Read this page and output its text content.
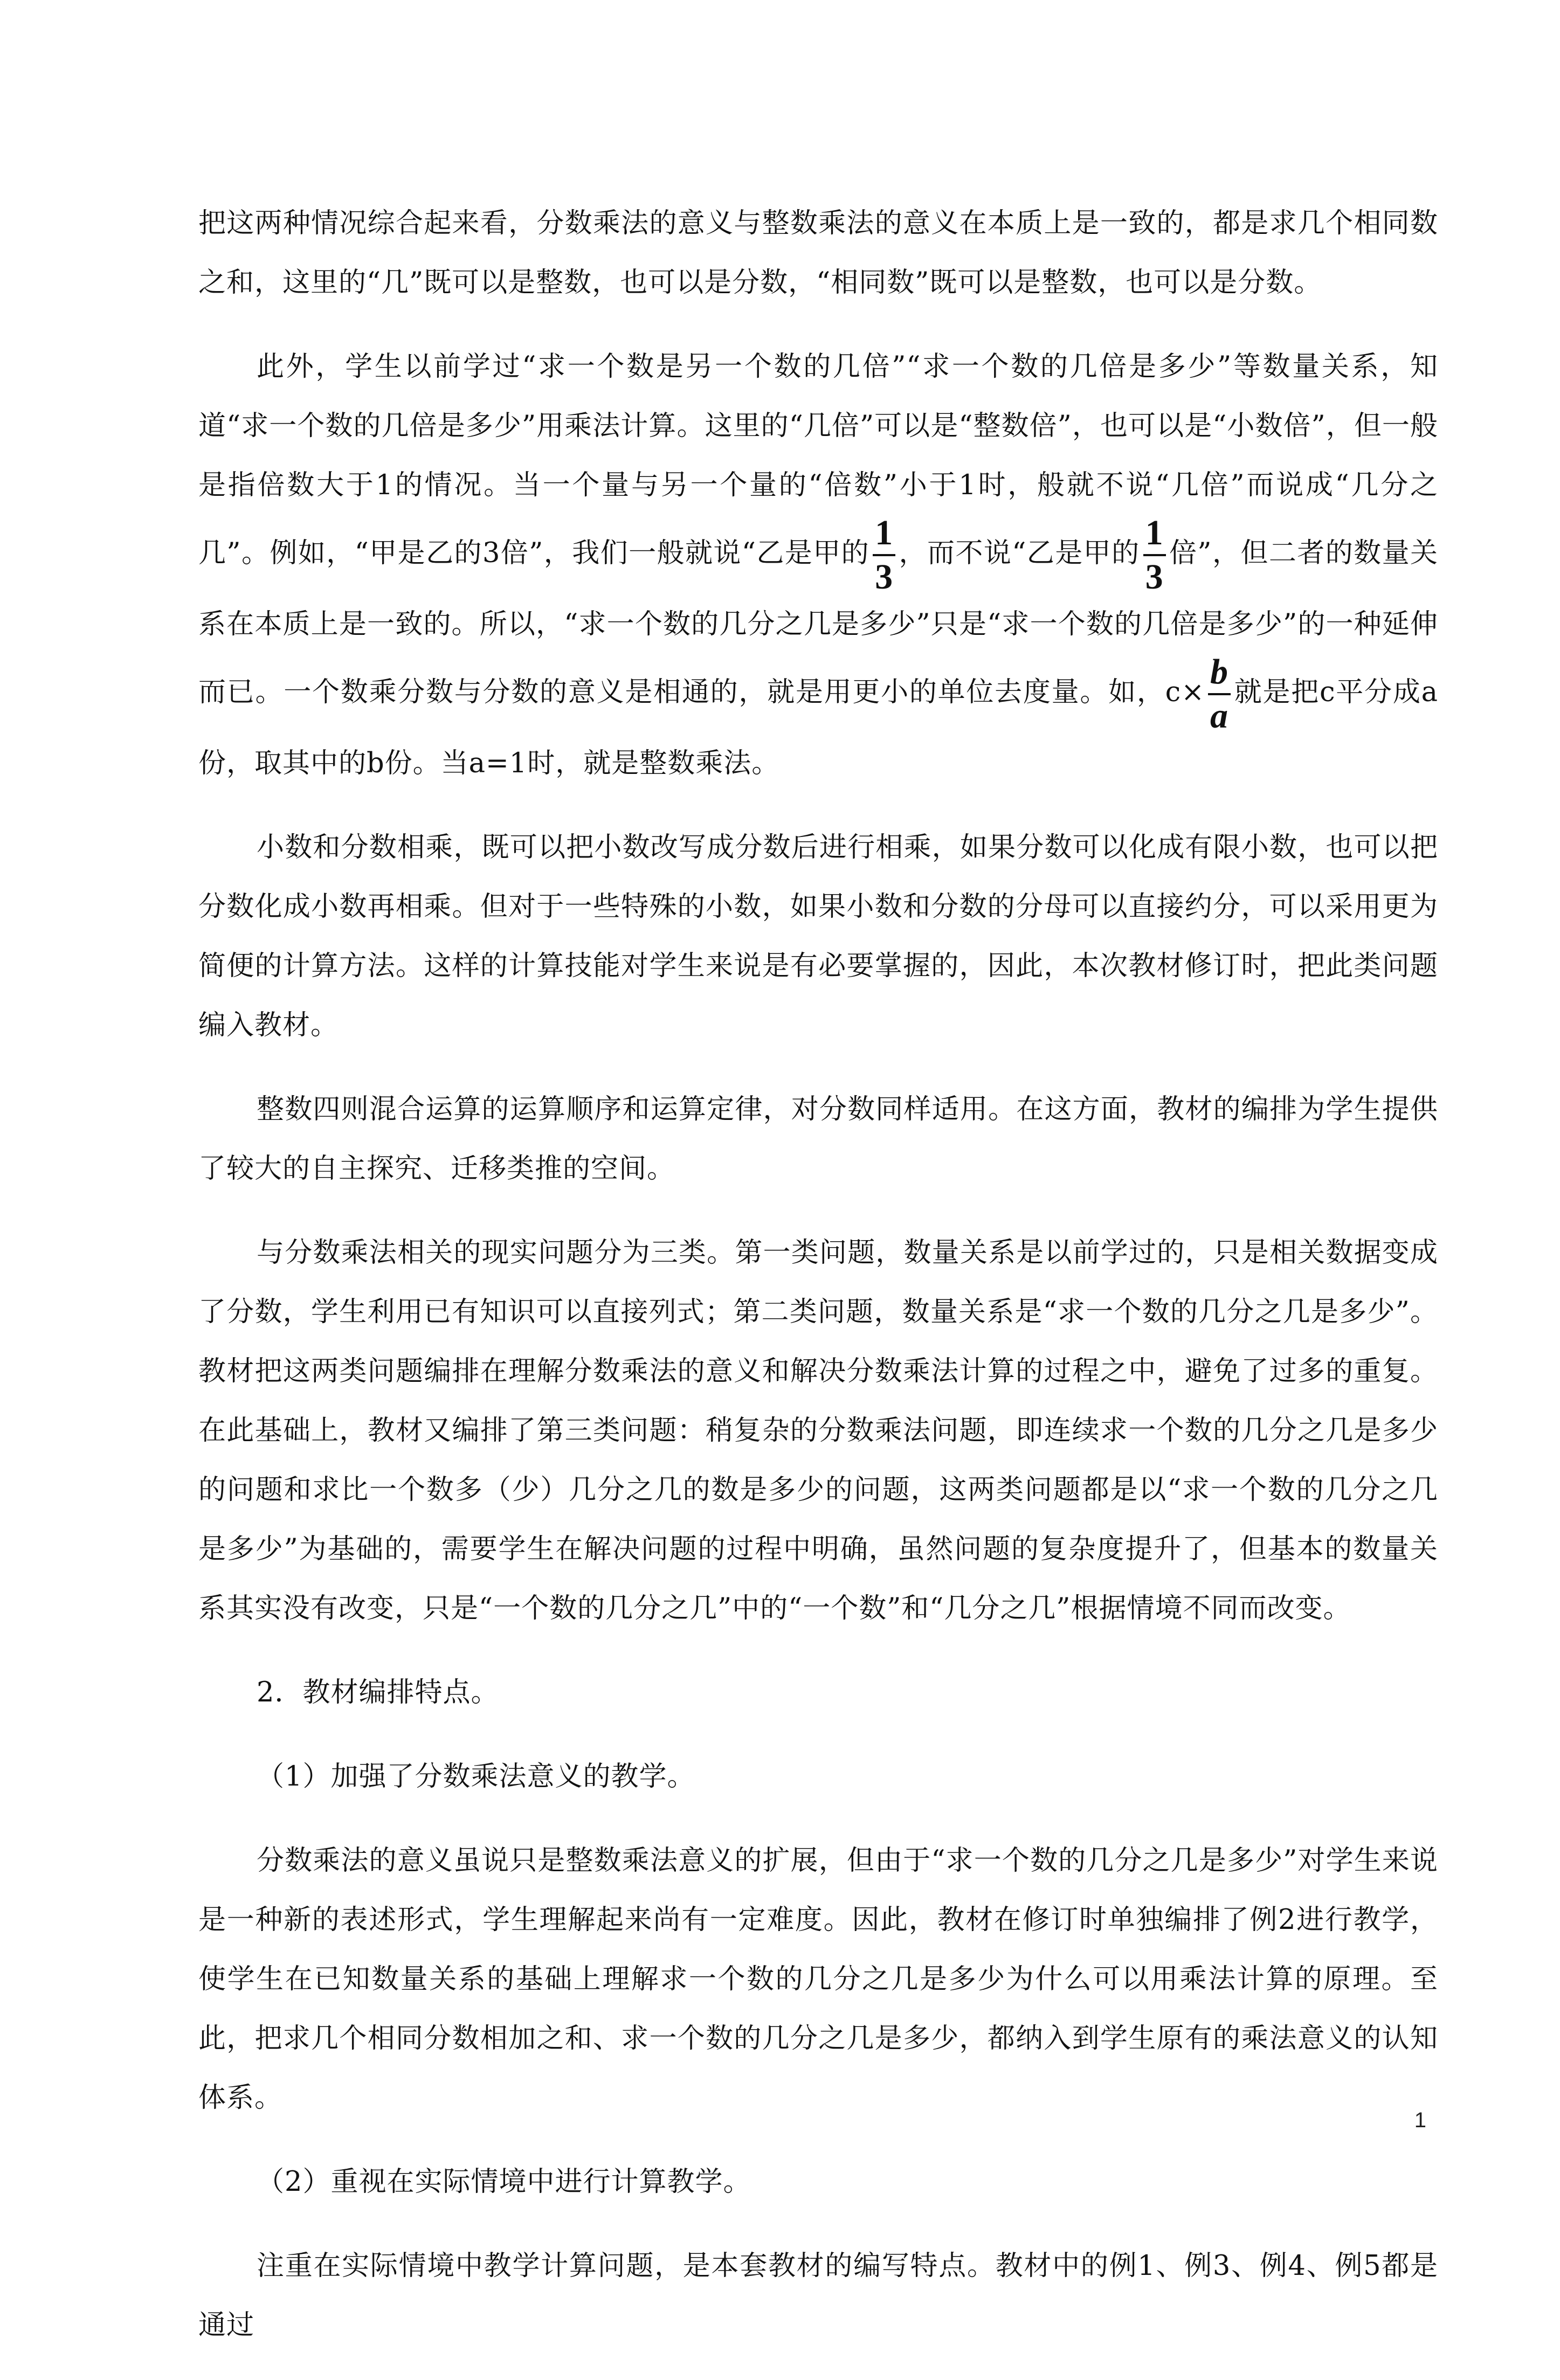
把这两种情况综合起来看，分数乘法的意义与整数乘法的意义在本质上是一致的，都是求几个相同数之和，这里的“几”既可以是整数，也可以是分数，“相同数”既可以是整数，也可以是分数。

此外，学生以前学过“求一个数是另一个数的几倍”“求一个数的几倍是多少”等数量关系，知道“求一个数的几倍是多少”用乘法计算。这里的“几倍”可以是“整数倍”，也可以是“小数倍”，但一般是指倍数大于1的情况。当一个量与另一个量的“倍数”小于1时，般就不说“几倍”而说成“几分之几”。例如，“甲是乙的3倍”，我们一般就说“乙是甲的 $\frac{1}{3}$ ，而不说“乙是甲的 $\frac{1}{3}$ 倍”，但二者的数量关系在本质上是一致的。所以，“求一个数的几分之几是多少”只是“求一个数的几倍是多少”的一种延伸而已。一个数乘分数与分数的意义是相通的，就是用更小的单位去度量。如，$c\times \frac{b}{a}$ 就是把c平分成a份，取其中的b份。当a=1时，就是整数乘法。

小数和分数相乘，既可以把小数改写成分数后进行相乘，如果分数可以化成有限小数，也可以把分数化成小数再相乘。但对于一些特殊的小数，如果小数和分数的分母可以直接约分，可以采用更为简便的计算方法。这样的计算技能对学生来说是有必要掌握的，因此，本次教材修订时，把此类问题编入教材。

整数四则混合运算的运算顺序和运算定律，对分数同样适用。在这方面，教材的编排为学生提供了较大的自主探究、迁移类推的空间。

与分数乘法相关的现实问题分为三类。第一类问题，数量关系是以前学过的，只是相关数据变成了分数，学生利用已有知识可以直接列式；第二类问题，数量关系是“求一个数的几分之几是多少”。教材把这两类问题编排在理解分数乘法的意义和解决分数乘法计算的过程之中，避免了过多的重复。在此基础上，教材又编排了第三类问题：稍复杂的分数乘法问题，即连续求一个数的几分之几是多少的问题和求比一个数多（少）几分之几的数是多少的问题，这两类问题都是以“求一个数的几分之几是多少”为基础的，需要学生在解决问题的过程中明确，虽然问题的复杂度提升了，但基本的数量关系其实没有改变，只是“一个数的几分之几”中的“一个数”和“几分之几”根据情境不同而改变。

2．教材编排特点。

（1）加强了分数乘法意义的教学。

分数乘法的意义虽说只是整数乘法意义的扩展，但由于“求一个数的几分之几是多少”对学生来说是一种新的表述形式，学生理解起来尚有一定难度。因此，教材在修订时单独编排了例2进行教学，使学生在已知数量关系的基础上理解求一个数的几分之几是多少为什么可以用乘法计算的原理。至此，把求几个相同分数相加之和、求一个数的几分之几是多少，都纳入到学生原有的乘法意义的认知体系。

（2）重视在实际情境中进行计算教学。

注重在实际情境中教学计算问题，是本套教材的编写特点。教材中的例1、例3、例4、例5都是通过

1
